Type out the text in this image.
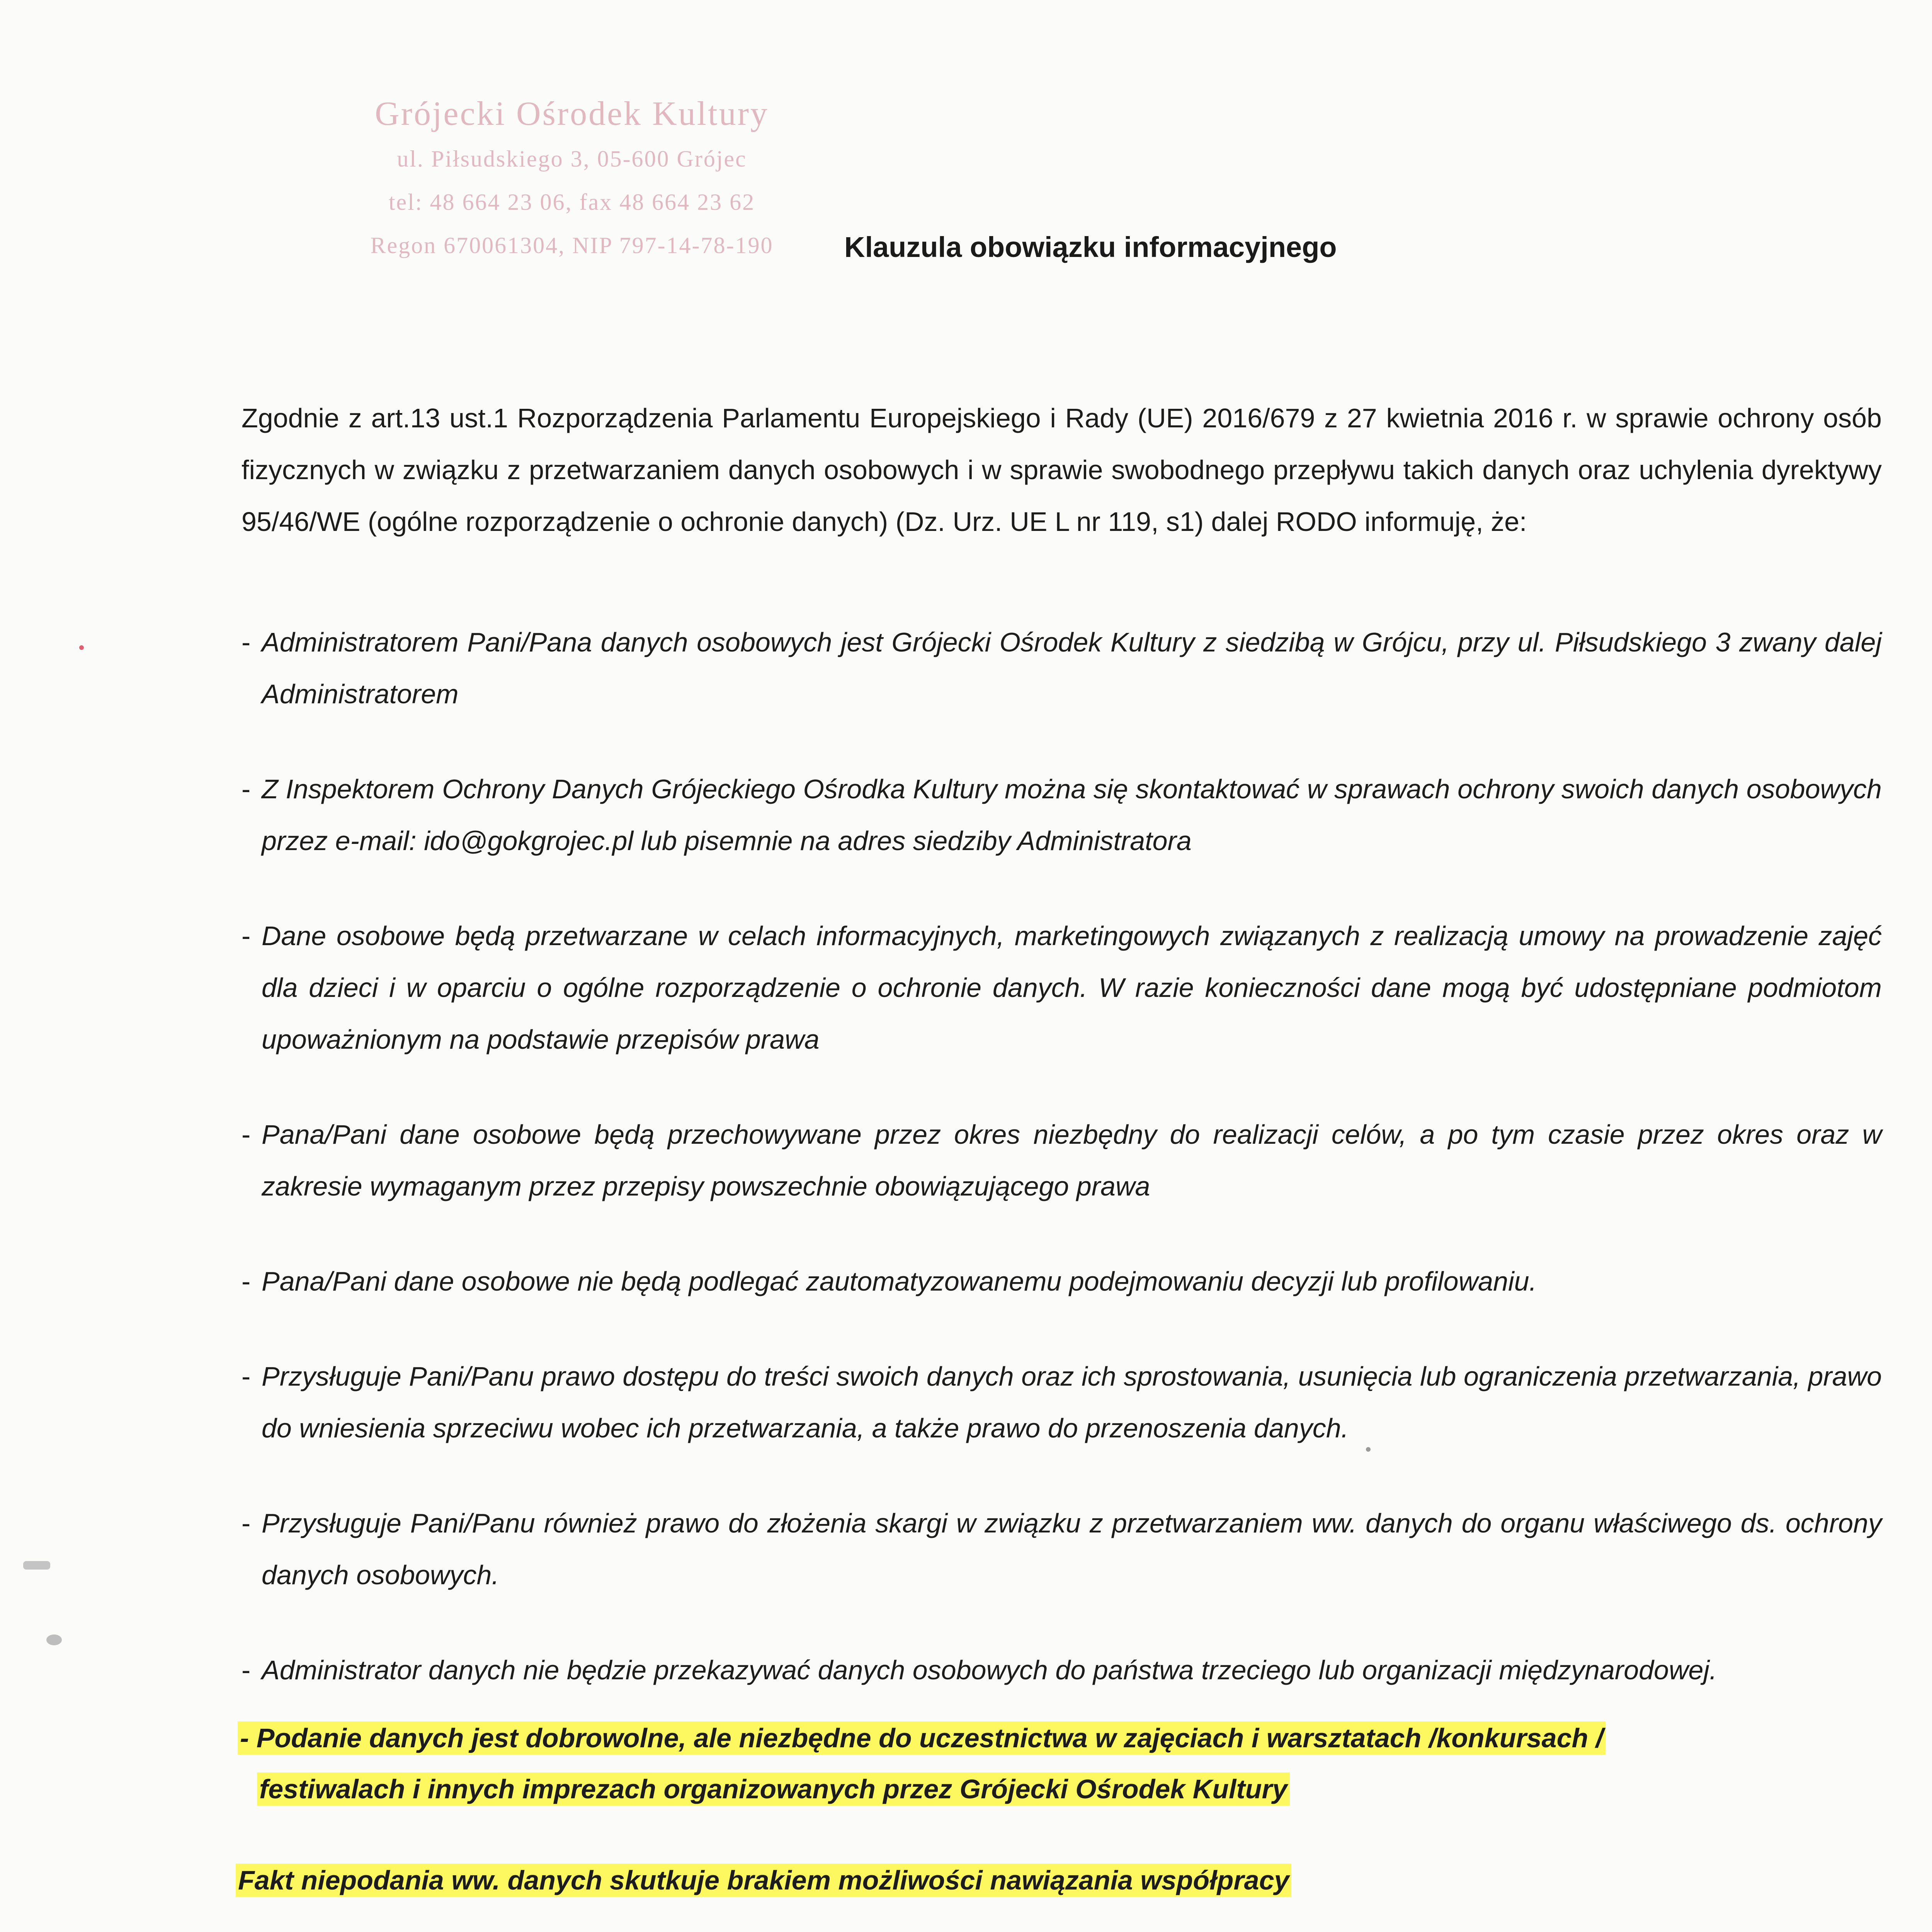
Grójecki Ośrodek Kultury
ul. Piłsudskiego 3, 05-600 Grójec
tel: 48 664 23 06, fax 48 664 23 62
Regon 670061304, NIP 797-14-78-190	Klauzula obowiązku informacyjnego

Zgodnie z art.13 ust.1 Rozporządzenia Parlamentu Europejskiego i Rady (UE) 2016/679 z 27 kwietnia 2016 r. w sprawie ochrony osób fizycznych w związku z przetwarzaniem danych osobowych i w sprawie swobodnego przepływu takich danych oraz uchylenia dyrektywy 95/46/WE (ogólne rozporządzenie o ochronie danych) (Dz. Urz. UE L nr 119, s1) dalej RODO informuję, że:

- Administratorem Pani/Pana danych osobowych jest Grójecki Ośrodek Kultury z siedzibą w Grójcu, przy ul. Piłsudskiego 3 zwany dalej Administratorem
- Z Inspektorem Ochrony Danych Grójeckiego Ośrodka Kultury można się skontaktować w sprawach ochrony swoich danych osobowych przez e-mail: ido@gokgrojec.pl lub pisemnie na adres siedziby Administratora
- Dane osobowe będą przetwarzane w celach informacyjnych, marketingowych związanych z realizacją umowy na prowadzenie zajęć dla dzieci i w oparciu o ogólne rozporządzenie o ochronie danych. W razie konieczności dane mogą być udostępniane podmiotom upoważnionym na podstawie przepisów prawa
- Pana/Pani dane osobowe będą przechowywane przez okres niezbędny do realizacji celów, a po tym czasie przez okres oraz w zakresie wymaganym przez przepisy powszechnie obowiązującego prawa
- Pana/Pani dane osobowe nie będą podlegać zautomatyzowanemu podejmowaniu decyzji lub profilowaniu.
- Przysługuje Pani/Panu prawo dostępu do treści swoich danych oraz ich sprostowania, usunięcia lub ograniczenia przetwarzania, prawo do wniesienia sprzeciwu wobec ich przetwarzania, a także prawo do przenoszenia danych.
- Przysługuje Pani/Panu również prawo do złożenia skargi w związku z przetwarzaniem ww. danych do organu właściwego ds. ochrony danych osobowych.
- Administrator danych nie będzie przekazywać danych osobowych do państwa trzeciego lub organizacji międzynarodowej.
- Podanie danych jest dobrowolne, ale niezbędne do uczestnictwa w zajęciach i warsztatach /konkursach /
festiwalach i innych imprezach organizowanych przez Grójecki Ośrodek Kultury
Fakt niepodania ww. danych skutkuje brakiem możliwości nawiązania współpracy
